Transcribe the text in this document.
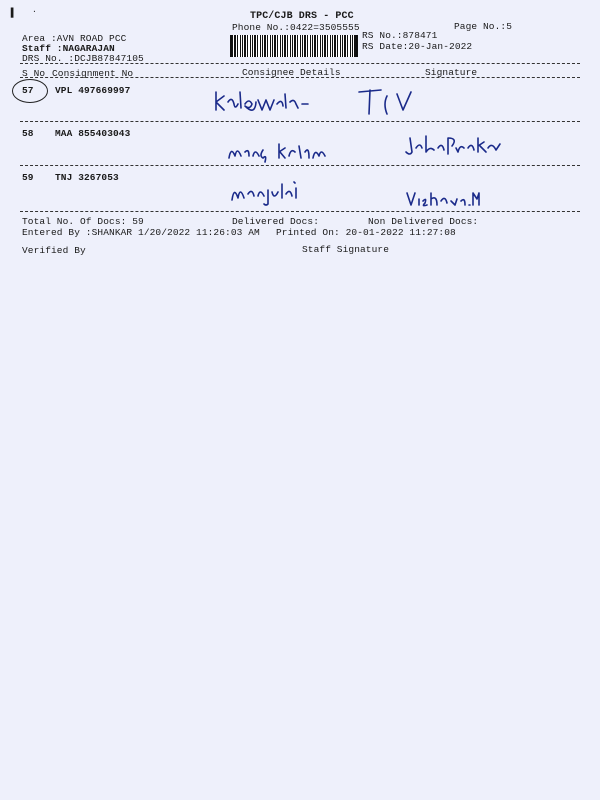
▐ .
TPC/CJB DRS - PCC
Phone No.:0422=3505555	Page No.:5
Area :AVN ROAD PCC
Staff :NAGARAJAN
DRS No. :DCJB87847105
RS No.:878471
RS Date:20-Jan-2022
S No Consignment No	Consignee Details	Signature
57 VPL 497669997
58 MAA 855403043
59 TNJ 3267053
Total No. Of Docs: 59	Delivered Docs:	Non Delivered Docs:
Entered By :SHANKAR 1/20/2022 11:26:03 AM Printed On: 20-01-2022 11:27:08
Verified By	Staff Signature
